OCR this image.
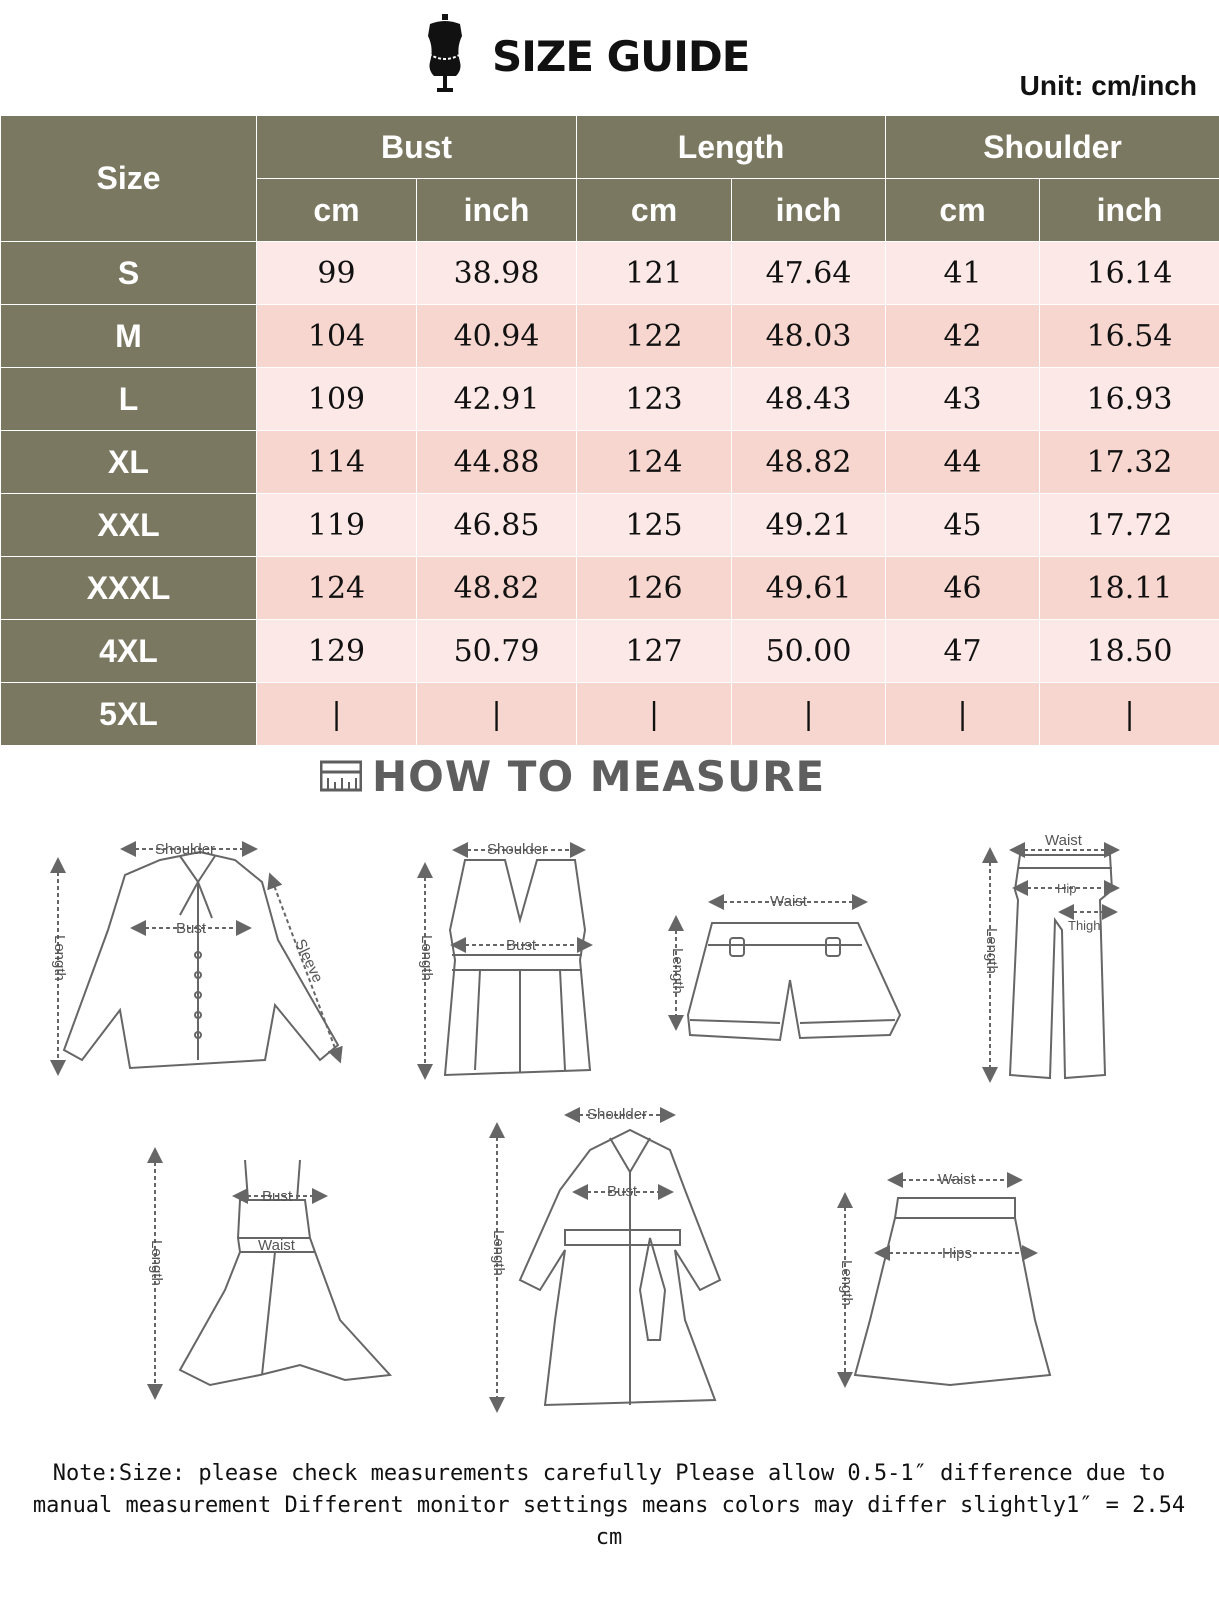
SIZE GUIDE
Unit: cm/inch
Size	Bust		Length		Shoulder	
	cm	inch	cm	inch	cm	inch
S	99	38.98	121	47.64	41	16.14
M	104	40.94	122	48.03	42	16.54
L	109	42.91	123	48.43	43	16.93
XL	114	44.88	124	48.82	44	17.32
XXL	119	46.85	125	49.21	45	17.72
XXXL	124	48.82	126	49.61	46	18.11
4XL	129	50.79	127	50.00	47	18.50
5XL	|	|	|	|	|	|
HOW TO MEASURE
Shoulder
Bust
Length	Sleeve
Shoulder
Bust
Length
Waist
Length
Waist
Hip
Thigh
Length
Bust
Waist
Length
Shoulder
Bust
Length
Waist
Hips
Length
Note:Size: please check measurements carefully Please allow 0.5-1″ difference due to manual measurement Different monitor settings means colors may differ slightly1″ = 2.54 cm
